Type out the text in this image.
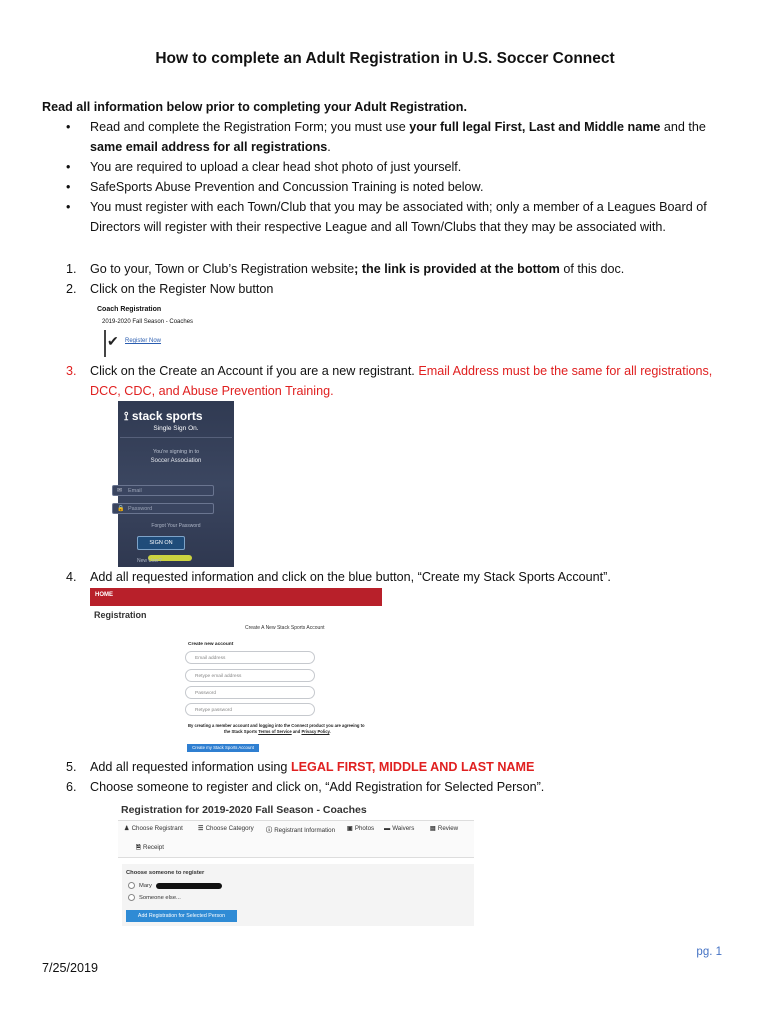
How to complete an Adult Registration in U.S. Soccer Connect
Read all information below prior to completing your Adult Registration.
• Read and complete the Registration Form; you must use your full legal First, Last and Middle name and the
same email address for all registrations.
• You are required to upload a clear head shot photo of just yourself.
• SafeSports Abuse Prevention and Concussion Training is noted below.
• You must register with each Town/Club that you may be associated with; only a member of a Leagues Board of
Directors will register with their respective League and all Town/Clubs that they may be associated with.
1.	Go to your, Town or Club’s Registration website; the link is provided at the bottom of this doc.
2.	Click on the Register Now button
Coach Registration
2019-2020 Fall Season - Coaches
✔ Register Now
3.	Click on the Create an Account if you are a new registrant. Email Address must be the same for all registrations,
DCC, CDC, and Abuse Prevention Training.
⟟ stack sports
Single Sign On.
You're signing in to
Soccer Association
✉ Email
🔒 Password
Forgot Your Password
SIGN ON
New User?
4.	Add all requested information and click on the blue button, “Create my Stack Sports Account”.
HOME
Registration
Create A New Stack Sports Account
Create new account
Email address
Retype email address
Password
Retype password
By creating a member account and logging into the Connect product you are agreeing to
the Stack Sports Terms of Service and Privacy Policy.
Create my Stack Sports Account
5.	Add all requested information using LEGAL FIRST, MIDDLE AND LAST NAME
6.	Choose someone to register and click on, “Add Registration for Selected Person”.
Registration for 2019-2020 Fall Season - Coaches
♟ Choose Registrant ☰ Choose Category ⓘ Registrant Information ▣ Photos ▬ Waivers	▤ Review
🗎 Receipt
Choose someone to register
Mary
Someone else...
Add Registration for Selected Person
pg. 1
7/25/2019
